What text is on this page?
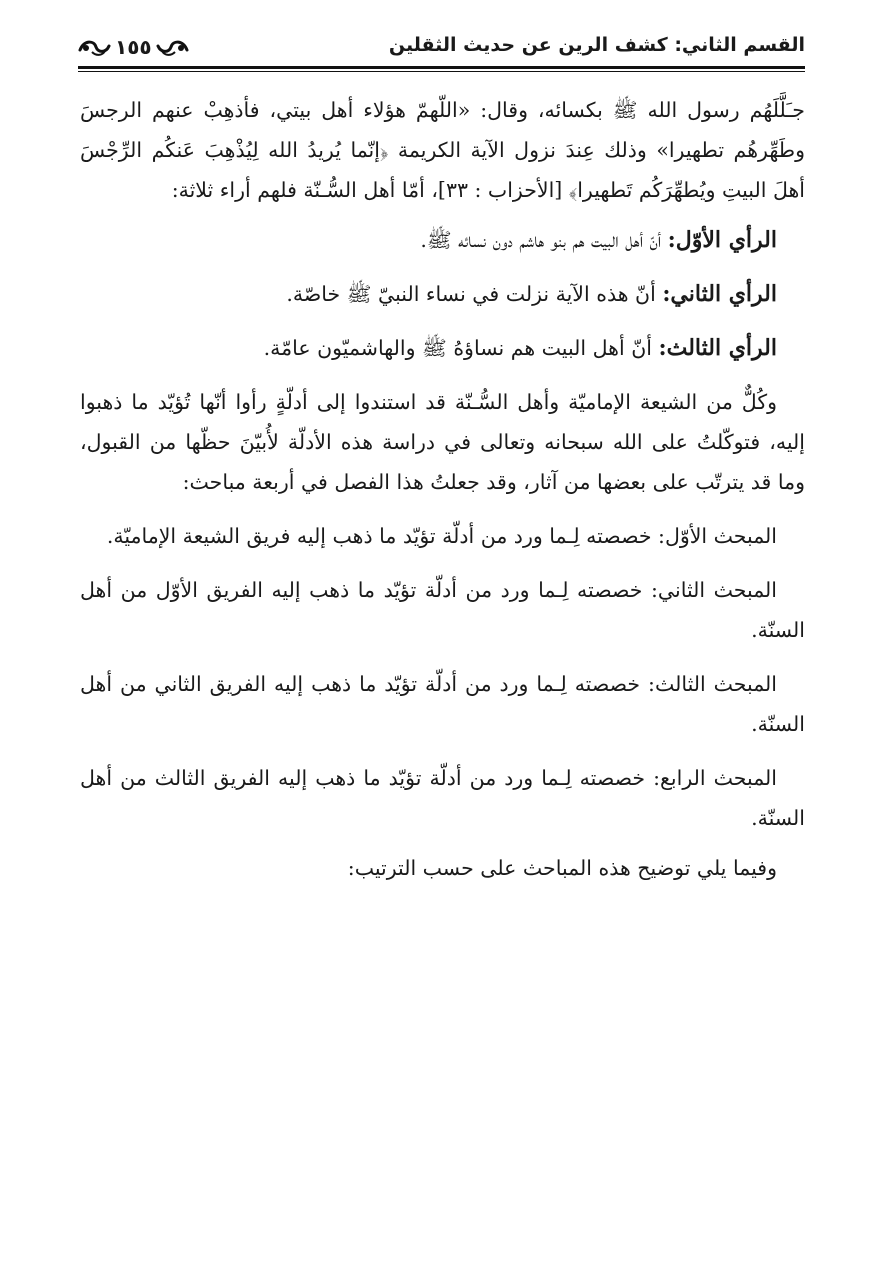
القسم الثاني: كشف الرين عن حديث الثقلين
١٥٥

جـَلَّلَهُم رسول الله ﷺ بكسائه، وقال: «اللّهمّ هؤلاء أهل بيتي، فأذهِبْ عنهم الرجسَ وطَهِّرهُم تطهيرا» وذلك عِندَ نزول الآية الكريمة ﴿إنّما يُريدُ الله لِيُذْهِبَ عَنكُم الرِّجْسَ أهلَ البيتِ ويُطهِّرَكُم تَطهيرا﴾ [الأحزاب : ٣٣]، أمّا أهل السُّـنّة فلهم أراء ثلاثة:

الرأي الأوّل: أنّ أهل البيت هم بنو هاشم دون نسائه ﷺ.

الرأي الثاني: أنّ هذه الآية نزلت في نساء النبيّ ﷺ خاصّة.

الرأي الثالث: أنّ أهل البيت هم نساؤهُ ﷺ والهاشميّون عامّة.

وكُلٌّ من الشيعة الإماميّة وأهل السُّـنّة قد استندوا إلى أدلّةٍ رأوا أنّها تُؤيّد ما ذهبوا إليه، فتوكّلتُ على الله سبحانه وتعالى في دراسة هذه الأدلّة لأُبيّنَ حظّها من القبول، وما قد يترتّب على بعضها من آثار، وقد جعلتُ هذا الفصل في أربعة مباحث:

المبحث الأوّل: خصصته لِـما ورد من أدلّة تؤيّد ما ذهب إليه فريق الشيعة الإماميّة.

المبحث الثاني: خصصته لِـما ورد من أدلّة تؤيّد ما ذهب إليه الفريق الأوّل من أهل السنّة.

المبحث الثالث: خصصته لِـما ورد من أدلّة تؤيّد ما ذهب إليه الفريق الثاني من أهل السنّة.

المبحث الرابع: خصصته لِـما ورد من أدلّة تؤيّد ما ذهب إليه الفريق الثالث من أهل السنّة.

وفيما يلي توضيح هذه المباحث على حسب الترتيب:
